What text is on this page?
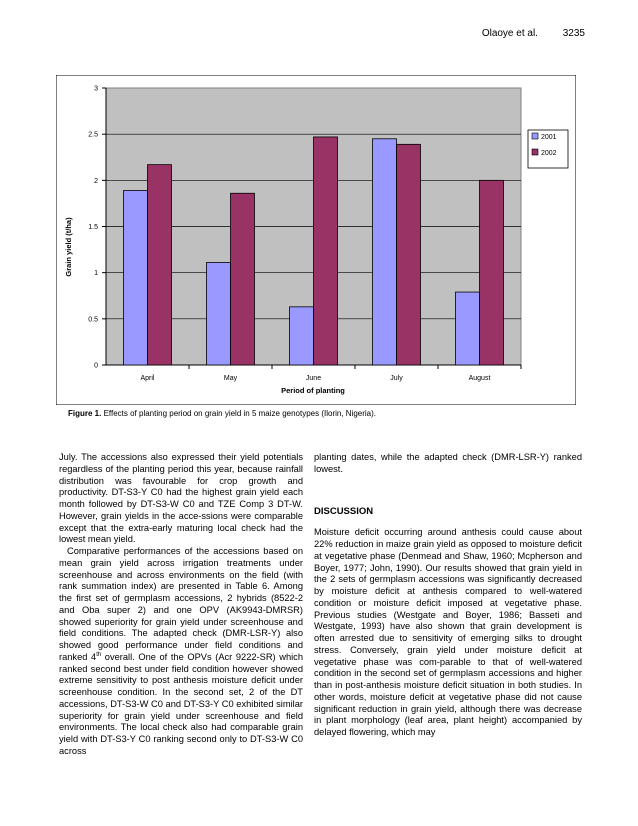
Olaoye et al. 3235
0
0.5
1
1.5
2
2.5
3
April	May	June	July	August
2001
2002
Grain yield (t/ha)
Period of planting
Figure 1. Effects of planting period on grain yield in 5 maize genotypes (Ilorin, Nigeria).

July. The accessions also expressed their yield potentials regardless of the planting period this year, because rainfall distribution was favourable for crop growth and productivity. DT-S3-Y C0 had the highest grain yield each month followed by DT-S3-W C0 and TZE Comp 3 DT-W. However, grain yields in the acce-ssions were comparable except that the extra-early maturing local check had the lowest mean yield.

Comparative performances of the accessions based on mean grain yield across irrigation treatments under screenhouse and across environments on the field (with rank summation index) are presented in Table 6. Among the first set of germplasm accessions, 2 hybrids (8522-2 and Oba super 2) and one OPV (AK9943-DMRSR) showed superiority for grain yield under screenhouse and field conditions. The adapted check (DMR-LSR-Y) also showed good performance under field conditions and ranked 4th overall. One of the OPVs (Acr 9222-SR) which ranked second best under field condition however showed extreme sensitivity to post anthesis moisture deficit under screenhouse condition. In the second set, 2 of the DT accessions, DT-S3-W C0 and DT-S3-Y C0 exhibited similar superiority for grain yield under screenhouse and field environments. The local check also had comparable grain yield with DT-S3-Y C0 ranking second only to DT-S3-W C0 across

planting dates, while the adapted check (DMR-LSR-Y) ranked lowest.

DISCUSSION

Moisture deficit occurring around anthesis could cause about 22% reduction in maize grain yield as opposed to moisture deficit at vegetative phase (Denmead and Shaw, 1960; Mcpherson and Boyer, 1977; John, 1990). Our results showed that grain yield in the 2 sets of germplasm accessions was significantly decreased by moisture deficit at anthesis compared to well-watered condition or moisture deficit imposed at vegetative phase. Previous studies (Westgate and Boyer, 1986; Basseti and Westgate, 1993) have also shown that grain development is often arrested due to sensitivity of emerging silks to drought stress. Conversely, grain yield under moisture deficit at vegetative phase was com-parable to that of well-watered condition in the second set of germplasm accessions and higher than in post-anthesis moisture deficit situation in both studies. In other words, moisture deficit at vegetative phase did not cause significant reduction in grain yield, although there was decrease in plant morphology (leaf area, plant height) accompanied by delayed flowering, which may
